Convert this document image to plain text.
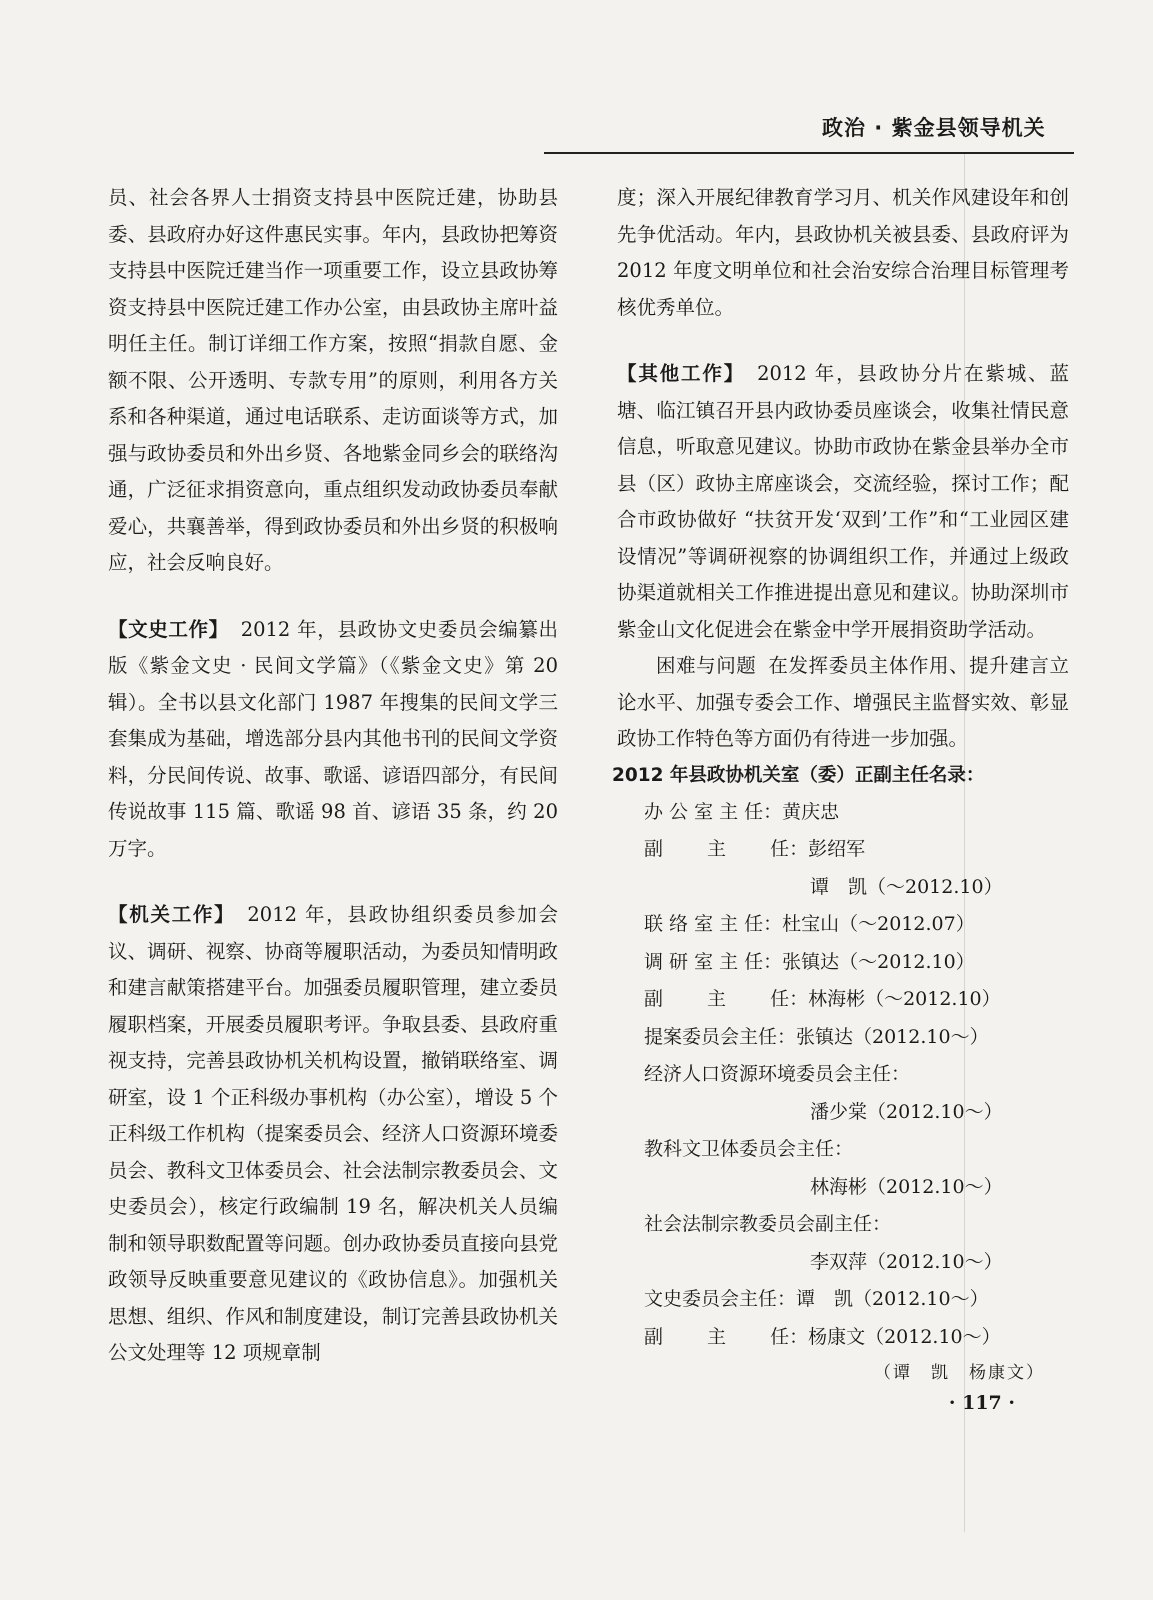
政治 · 紫金县领导机关

员、社会各界人士捐资支持县中医院迁建，协助县委、县政府办好这件惠民实事。年内，县政协把筹资支持县中医院迁建当作一项重要工作，设立县政协筹资支持县中医院迁建工作办公室，由县政协主席叶益明任主任。制订详细工作方案，按照“捐款自愿、金额不限、公开透明、专款专用”的原则，利用各方关系和各种渠道，通过电话联系、走访面谈等方式，加强与政协委员和外出乡贤、各地紫金同乡会的联络沟通，广泛征求捐资意向，重点组织发动政协委员奉献爱心，共襄善举，得到政协委员和外出乡贤的积极响应，社会反响良好。

【文史工作】 2012 年，县政协文史委员会编纂出版《紫金文史 · 民间文学篇》（《紫金文史》第 20 辑）。全书以县文化部门 1987 年搜集的民间文学三套集成为基础，增选部分县内其他书刊的民间文学资料，分民间传说、故事、歌谣、谚语四部分，有民间传说故事 115 篇、歌谣 98 首、谚语 35 条，约 20 万字。

【机关工作】 2012 年，县政协组织委员参加会议、调研、视察、协商等履职活动，为委员知情明政和建言献策搭建平台。加强委员履职管理，建立委员履职档案，开展委员履职考评。争取县委、县政府重视支持，完善县政协机关机构设置，撤销联络室、调研室，设 1 个正科级办事机构（办公室），增设 5 个正科级工作机构（提案委员会、经济人口资源环境委员会、教科文卫体委员会、社会法制宗教委员会、文史委员会），核定行政编制 19 名，解决机关人员编制和领导职数配置等问题。创办政协委员直接向县党政领导反映重要意见建议的《政协信息》。加强机关思想、组织、作风和制度建设，制订完善县政协机关公文处理等 12 项规章制

度；深入开展纪律教育学习月、机关作风建设年和创先争优活动。年内，县政协机关被县委、县政府评为 2012 年度文明单位和社会治安综合治理目标管理考核优秀单位。

【其他工作】 2012 年，县政协分片在紫城、蓝塘、临江镇召开县内政协委员座谈会，收集社情民意信息，听取意见建议。协助市政协在紫金县举办全市县（区）政协主席座谈会，交流经验，探讨工作；配合市政协做好 “扶贫开发‘双到’工作”和“工业园区建设情况”等调研视察的协调组织工作，并通过上级政协渠道就相关工作推进提出意见和建议。协助深圳市紫金山文化促进会在紫金中学开展捐资助学活动。

困难与问题 在发挥委员主体作用、提升建言立论水平、加强专委会工作、增强民主监督实效、彰显政协工作特色等方面仍有待进一步加强。

2012 年县政协机关室（委）正副主任名录：
办 公 室 主 任：黄庆忠
副　　 主　　 任：彭绍军
谭　凯（～2012.10）
联 络 室 主 任：杜宝山（～2012.07）
调 研 室 主 任：张镇达（～2012.10）
副　　 主　　 任：林海彬（～2012.10）
提案委员会主任：张镇达（2012.10～）
经济人口资源环境委员会主任：
潘少棠（2012.10～）
教科文卫体委员会主任：
林海彬（2012.10～）
社会法制宗教委员会副主任：
李双萍（2012.10～）
文史委员会主任：谭　凯（2012.10～）
副　　 主　　 任：杨康文（2012.10～）
（谭　凯　杨康文）
· 117 ·
